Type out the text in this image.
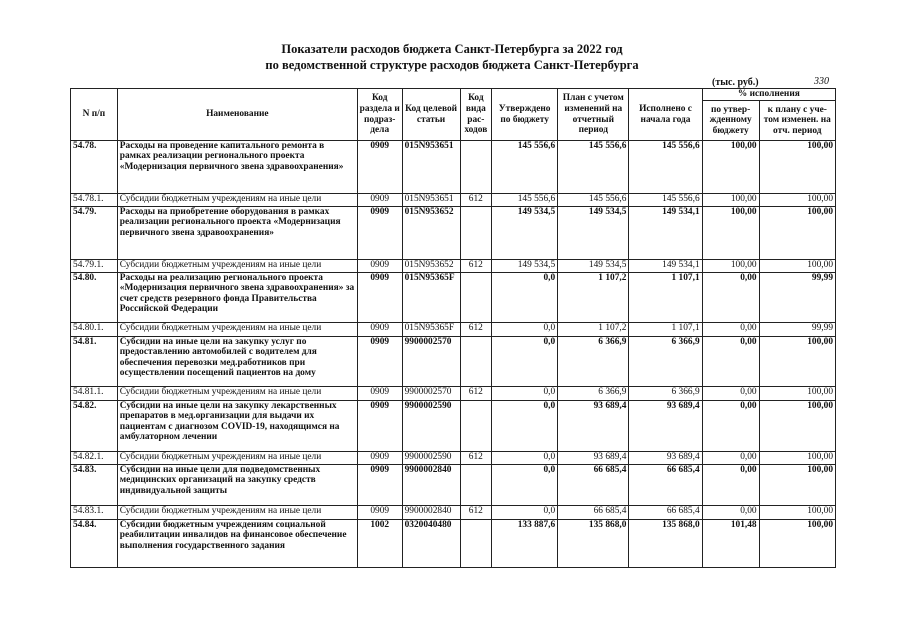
Показатели расходов бюджета Санкт-Петербурга за 2022 год
по ведомственной структуре расходов бюджета Санкт-Петербурга
(тыс. руб.)	330
N п/п	Наименование	Код раздела и подраз- дела	Код целевой статьи	Код вида рас- ходов	Утверждено по бюджету	План с учетом изменений на отчетный период	Исполнено с начала года	% исполнения	
								по утвер- жденному бюджету	к плану с уче- том изменен. на отч. период
54.78.	Расходы на проведение капитального ремонта в рамках реализации регионального проекта «Модернизация первичного звена здравоохранения»	0909	015N953651		145 556,6	145 556,6	145 556,6	100,00	100,00
54.78.1.	Субсидии бюджетным учреждениям на иные цели	0909	015N953651	612	145 556,6	145 556,6	145 556,6	100,00	100,00
54.79.	Расходы на приобретение оборудования в рамках реализации регионального проекта «Модернизация первичного звена здравоохранения»	0909	015N953652		149 534,5	149 534,5	149 534,1	100,00	100,00
54.79.1.	Субсидии бюджетным учреждениям на иные цели	0909	015N953652	612	149 534,5	149 534,5	149 534,1	100,00	100,00
54.80.	Расходы на реализацию регионального проекта «Модернизация первичного звена здравоохранения» за счет средств резервного фонда Правительства Российской Федерации	0909	015N95365F		0,0	1 107,2	1 107,1	0,00	99,99
54.80.1.	Субсидии бюджетным учреждениям на иные цели	0909	015N95365F	612	0,0	1 107,2	1 107,1	0,00	99,99
54.81.	Субсидии на иные цели на закупку услуг по предоставлению автомобилей с водителем для обеспечения перевозки мед.работников при осуществлении посещений пациентов на дому	0909	9900002570		0,0	6 366,9	6 366,9	0,00	100,00
54.81.1.	Субсидии бюджетным учреждениям на иные цели	0909	9900002570	612	0,0	6 366,9	6 366,9	0,00	100,00
54.82.	Субсидии на иные цели на закупку лекарственных препаратов в мед.организации для выдачи их пациентам с диагнозом COVID-19, находящимся на амбулаторном лечении	0909	9900002590		0,0	93 689,4	93 689,4	0,00	100,00
54.82.1.	Субсидии бюджетным учреждениям на иные цели	0909	9900002590	612	0,0	93 689,4	93 689,4	0,00	100,00
54.83.	Субсидии на иные цели для подведомственных медицинских организаций на закупку средств индивидуальной защиты	0909	9900002840		0,0	66 685,4	66 685,4	0,00	100,00
54.83.1.	Субсидии бюджетным учреждениям на иные цели	0909	9900002840	612	0,0	66 685,4	66 685,4	0,00	100,00
54.84.	Субсидии бюджетным учреждениям социальной реабилитации инвалидов на финансовое обеспечение выполнения государственного задания	1002	0320040480		133 887,6	135 868,0	135 868,0	101,48	100,00
